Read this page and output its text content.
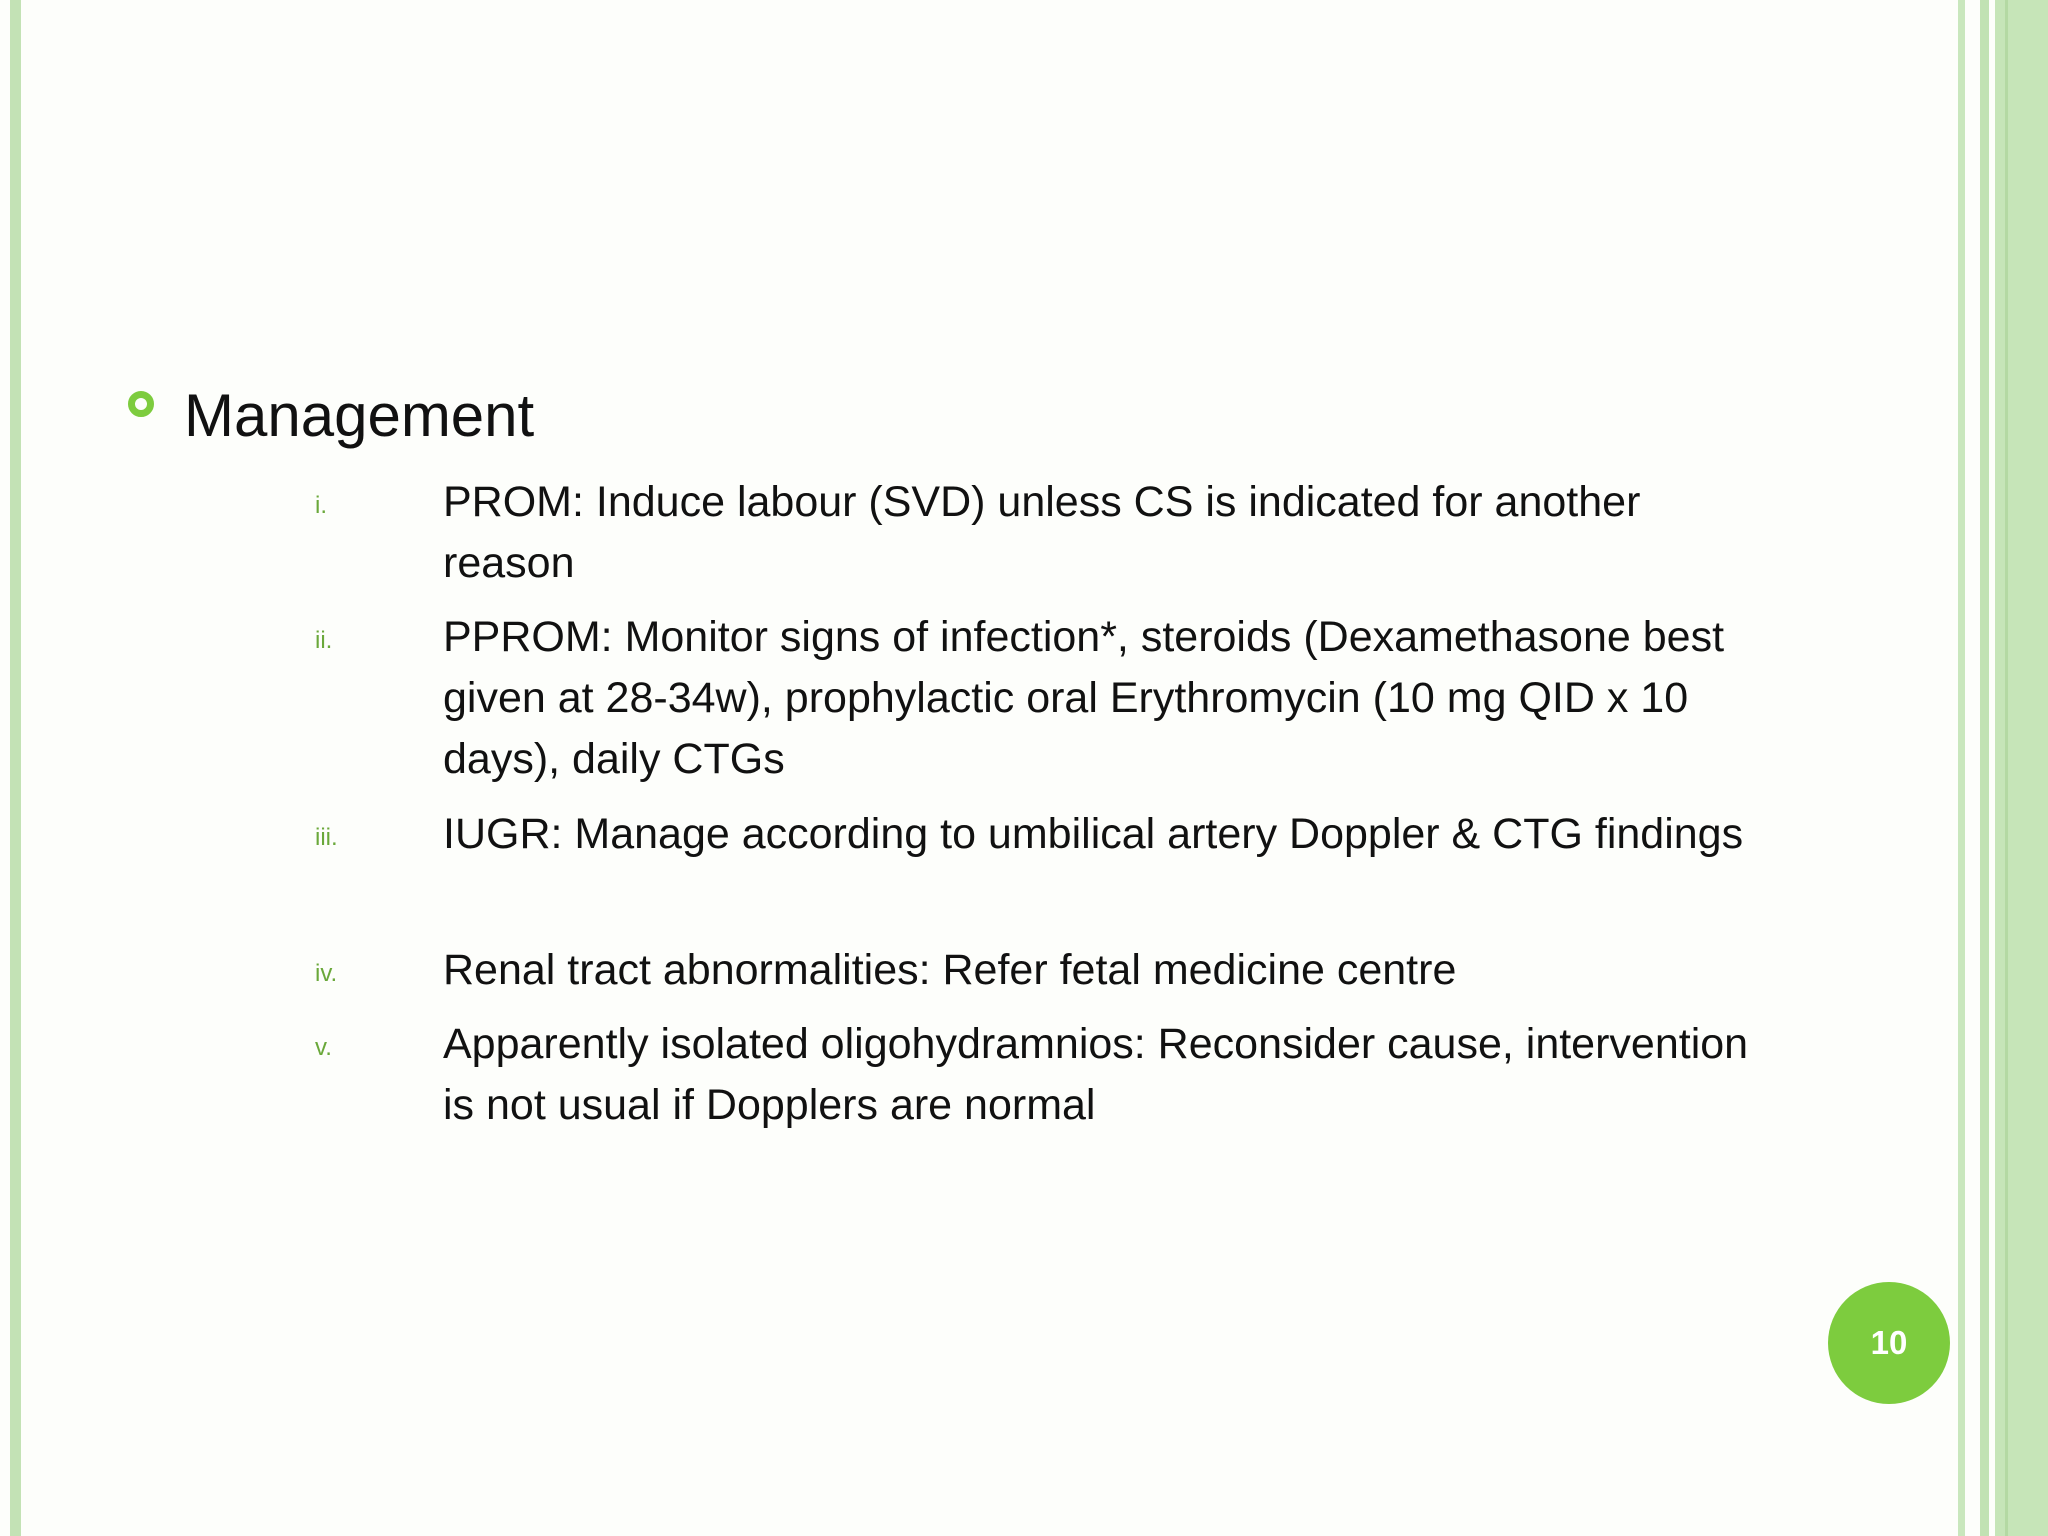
Management
i.	PROM: Induce labour (SVD) unless CS is indicated for another reason
ii.	PPROM: Monitor signs of infection*, steroids (Dexamethasone best given at 28-34w), prophylactic oral Erythromycin (10 mg QID x 10 days), daily CTGs
iii. IUGR: Manage according to umbilical artery Doppler & CTG findings
iv. Renal tract abnormalities: Refer fetal medicine centre
v.	Apparently isolated oligohydramnios: Reconsider cause, intervention is not usual if Dopplers are normal
10
